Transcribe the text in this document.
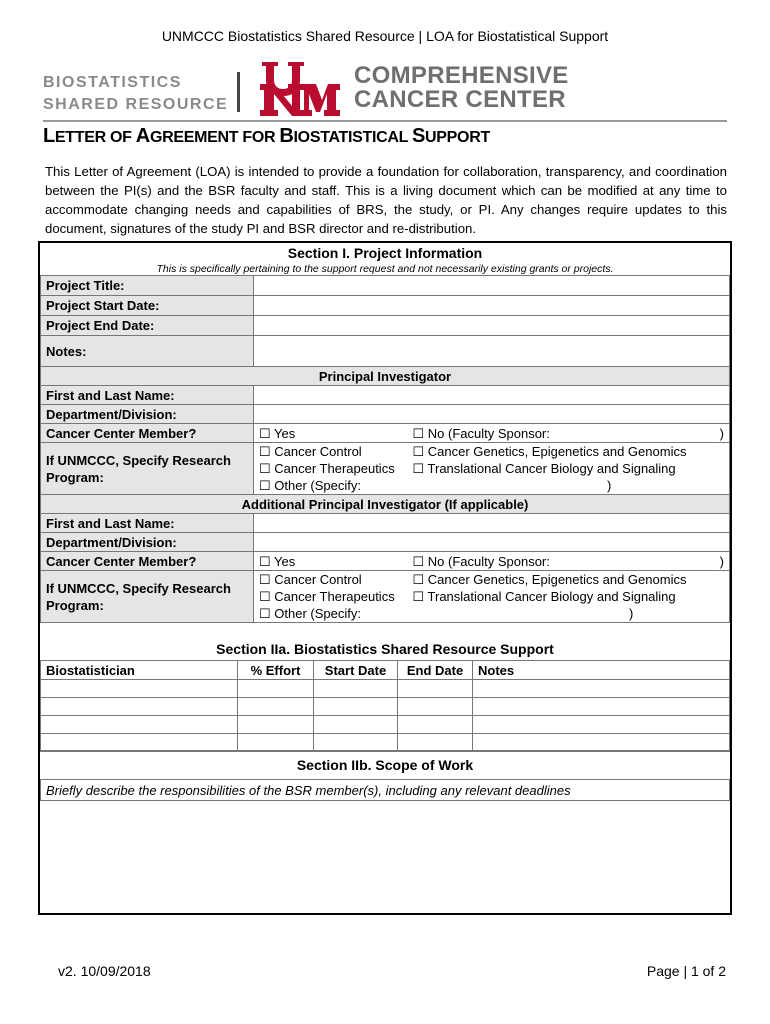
UNMCCC Biostatistics Shared Resource | LOA for Biostatistical Support
BIOSTATISTICS
SHARED RESOURCE
COMPREHENSIVE
CANCER CENTER
LETTER OF AGREEMENT FOR BIOSTATISTICAL SUPPORT
This Letter of Agreement (LOA) is intended to provide a foundation for collaboration, transparency, and coordination between the PI(s) and the BSR faculty and staff. This is a living document which can be modified at any time to accommodate changing needs and capabilities of BRS, the study, or PI. Any changes require updates to this document, signatures of the study PI and BSR director and re-distribution.
Section I. Project Information		
This is specifically pertaining to the support request and not necessarily existing grants or projects.		
Project Title:		
Project Start Date:		
Project End Date:		
Notes:		
Principal Investigator		
First and Last Name:		
Department/Division:		
Cancer Center Member?	☐ Yes	☐ No (Faculty Sponsor: )

If UNMCCC, Specify Research Program:	☐ Cancer Control	☐ Cancer Genetics, Epigenetics and Genomics
	☐ Cancer Therapeutics	☐ Translational Cancer Biology and Signaling
	☐ Other (Specify: )	
Additional Principal Investigator (If applicable)		
First and Last Name:		
Department/Division:		
Cancer Center Member?	☐ Yes	☐ No (Faculty Sponsor: )

If UNMCCC, Specify Research Program:	☐ Cancer Control	☐ Cancer Genetics, Epigenetics and Genomics
	☐ Cancer Therapeutics	☐ Translational Cancer Biology and Signaling
	☐ Other (Specify: )	
Section IIa. Biostatistics Shared Resource Support				
Biostatistician	% Effort	Start Date	End Date	Notes

Section IIb. Scope of Work
Briefly describe the responsibilities of the BSR member(s), including any relevant deadlines

v2. 10/09/2018	Page | 1 of 2
